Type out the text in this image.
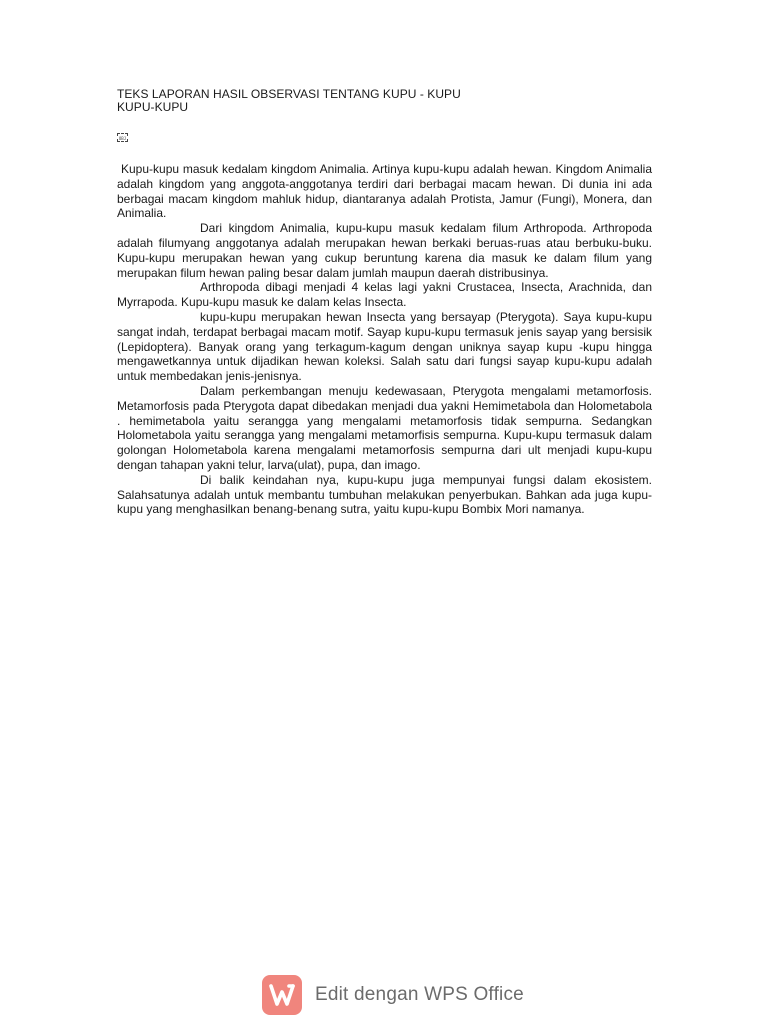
TEKS LAPORAN HASIL OBSERVASI TENTANG KUPU - KUPU

KUPU-KUPU

OBJ

Kupu-kupu masuk kedalam kingdom Animalia. Artinya kupu-kupu adalah hewan. Kingdom Animalia adalah kingdom yang anggota-anggotanya terdiri dari berbagai macam hewan. Di dunia ini ada berbagai macam kingdom mahluk hidup, diantaranya adalah Protista, Jamur (Fungi), Monera, dan Animalia.

Dari kingdom Animalia, kupu-kupu masuk kedalam filum Arthropoda. Arthropoda adalah filumyang anggotanya adalah merupakan hewan berkaki beruas-ruas atau berbuku-buku. Kupu-kupu merupakan hewan yang cukup beruntung karena dia masuk ke dalam filum yang merupakan filum hewan paling besar dalam jumlah maupun daerah distribusinya.

Arthropoda dibagi menjadi 4 kelas lagi yakni Crustacea, Insecta, Arachnida, dan Myrrapoda. Kupu-kupu masuk ke dalam kelas Insecta.

kupu-kupu merupakan hewan Insecta yang bersayap (Pterygota). Saya kupu-kupu sangat indah, terdapat berbagai macam motif. Sayap kupu-kupu termasuk jenis sayap yang bersisik (Lepidoptera). Banyak orang yang terkagum-kagum dengan uniknya sayap kupu -kupu hingga mengawetkannya untuk dijadikan hewan koleksi. Salah satu dari fungsi sayap kupu-kupu adalah untuk membedakan jenis-jenisnya.

Dalam perkembangan menuju kedewasaan, Pterygota mengalami metamorfosis. Metamorfosis pada Pterygota dapat dibedakan menjadi dua yakni Hemimetabola dan Holometabola . hemimetabola yaitu serangga yang mengalami metamorfosis tidak sempurna. Sedangkan Holometabola yaitu serangga yang mengalami metamorfisis sempurna. Kupu-kupu termasuk dalam golongan Holometabola karena mengalami metamorfosis sempurna dari ult menjadi kupu-kupu dengan tahapan yakni telur, larva(ulat), pupa, dan imago.

Di balik keindahan nya, kupu-kupu juga mempunyai fungsi dalam ekosistem. Salahsatunya adalah untuk membantu tumbuhan melakukan penyerbukan. Bahkan ada juga kupu-kupu yang menghasilkan benang-benang sutra, yaitu kupu-kupu Bombix Mori namanya.

Edit dengan WPS Office
